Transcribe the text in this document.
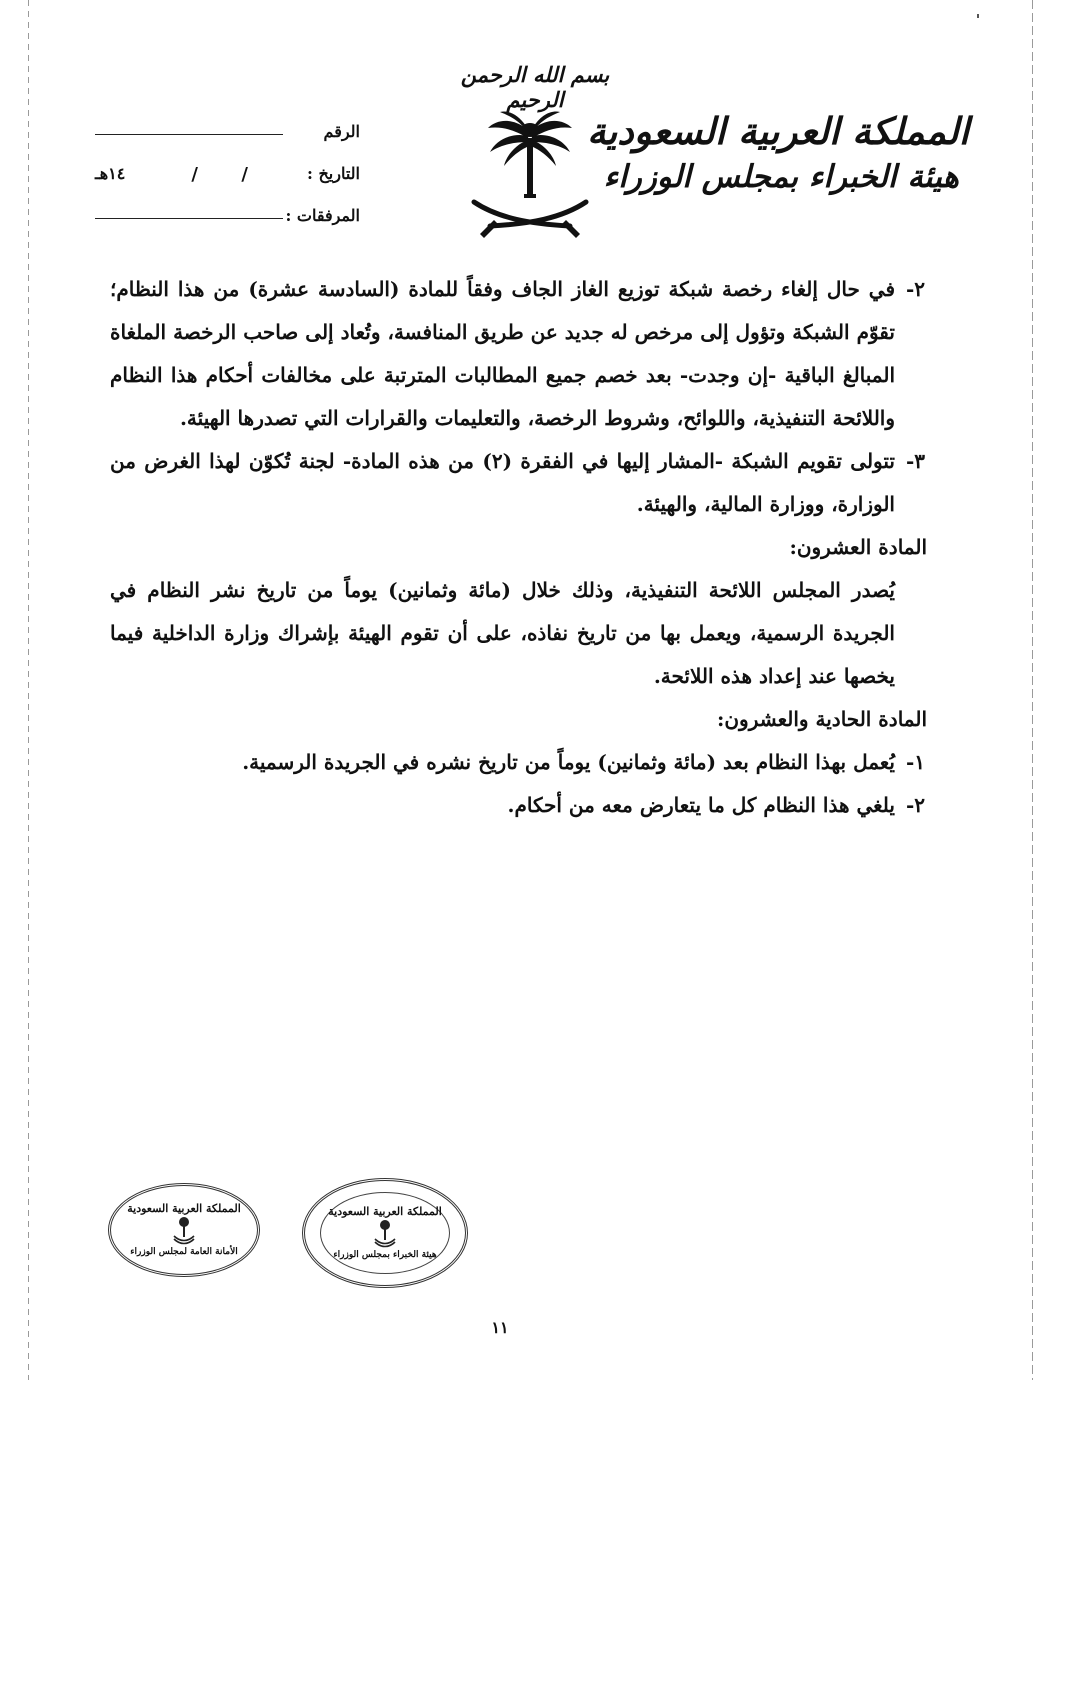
بسم الله الرحمن الرحيم
المملكة العربية السعودية
هيئة الخبراء بمجلس الوزراء
الرقم
التاريخ :
/
/
١٤هـ
المرفقات :
٢-
في حال إلغاء رخصة شبكة توزيع الغاز الجاف وفقاً للمادة (السادسة عشرة) من هذا النظام؛ تقوّم الشبكة وتؤول إلى مرخص له جديد عن طريق المنافسة، وتُعاد إلى صاحب الرخصة الملغاة المبالغ الباقية -إن وجدت- بعد خصم جميع المطالبات المترتبة على مخالفات أحكام هذا النظام واللائحة التنفيذية، واللوائح، وشروط الرخصة، والتعليمات والقرارات التي تصدرها الهيئة.
٣-
تتولى تقويم الشبكة -المشار إليها في الفقرة (٢) من هذه المادة- لجنة تُكوّن لهذا الغرض من الوزارة، ووزارة المالية، والهيئة.
المادة العشرون:
يُصدر المجلس اللائحة التنفيذية، وذلك خلال (مائة وثمانين) يوماً من تاريخ نشر النظام في الجريدة الرسمية، ويعمل بها من تاريخ نفاذه، على أن تقوم الهيئة بإشراك وزارة الداخلية فيما يخصها عند إعداد هذه اللائحة.
المادة الحادية والعشرون:
١-
يُعمل بهذا النظام بعد (مائة وثمانين) يوماً من تاريخ نشره في الجريدة الرسمية.
٢-
يلغي هذا النظام كل ما يتعارض معه من أحكام.
المملكة العربية السعودية
الأمانة العامة لمجلس الوزراء
المملكة العربية السعودية
هيئة الخبراء بمجلس الوزراء
١١
